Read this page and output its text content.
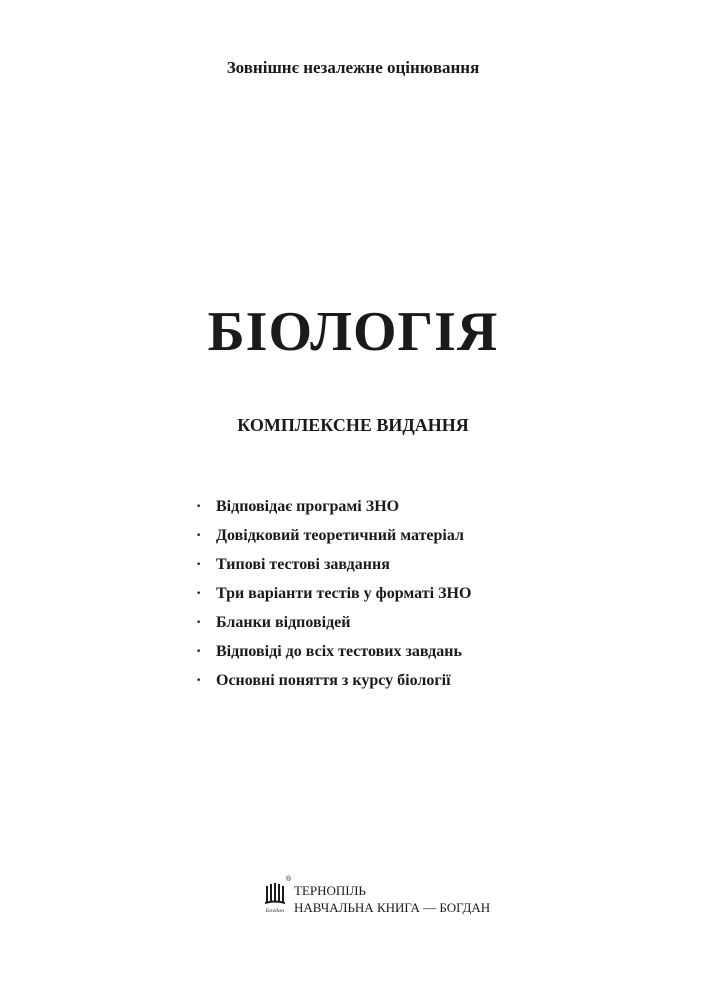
Зовнішнє незалежне оцінювання
БІОЛОГІЯ
КОМПЛЕКСНЕ ВИДАННЯ
· Відповідає програмі ЗНО
· Довідковий теоретичний матеріал
· Типові тестові завдання
· Три варіанти тестів у форматі ЗНО
· Бланки відповідей
· Відповіді до всіх тестових завдань
· Основні поняття з курсу біології
Богдан
®
ТЕРНОПІЛЬ
НАВЧАЛЬНА КНИГА — БОГДАН
